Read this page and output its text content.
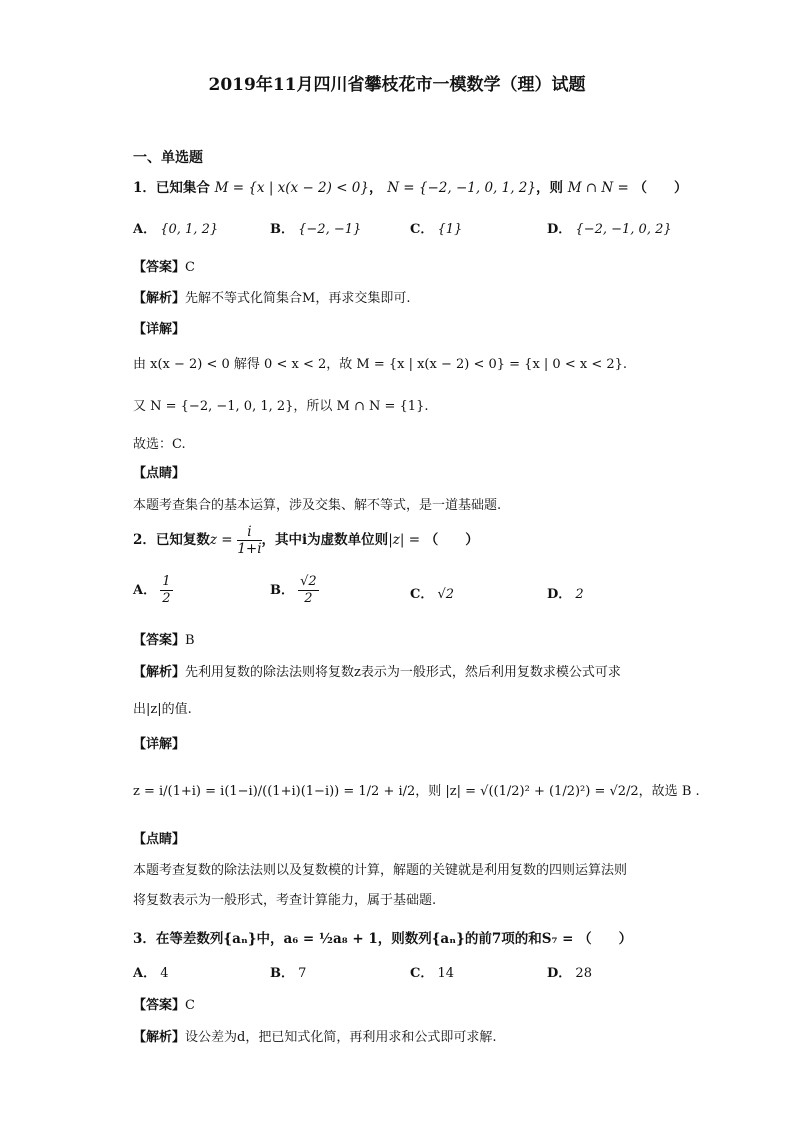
2019年11月四川省攀枝花市一模数学（理）试题
一、单选题
1．已知集合 M = {x | x(x − 2) < 0}， N = {−2, −1, 0, 1, 2}，则 M ∩ N = （　　）
A． {0, 1, 2}	B． {−2, −1}	C． {1}	D． {−2, −1, 0, 2}
【答案】C
【解析】先解不等式化简集合M，再求交集即可.
【详解】
由 x(x − 2) < 0 解得 0 < x < 2，故 M = {x | x(x − 2) < 0} = {x | 0 < x < 2}.
又 N = {−2, −1, 0, 1, 2}，所以 M ∩ N = {1}.
故选：C.
【点睛】
本题考查集合的基本运算，涉及交集、解不等式，是一道基础题.
2．已知复数$z = \frac{i}{1+i}$ ，其中i为虚数单位则|z| = （　　）
A． $\frac{1}{2}$	B． $\frac{√2}{2}$	C． √2	D． 2
【答案】B
【解析】先利用复数的除法法则将复数z表示为一般形式，然后利用复数求模公式可求
出|z|的值.
【详解】
z = i/(1+i) = i(1−i)/((1+i)(1−i)) = 1/2 + i/2，则 |z| = √((1/2)² + (1/2)²) = √2/2，故选 B .
【点睛】
本题考查复数的除法法则以及复数模的计算，解题的关键就是利用复数的四则运算法则
将复数表示为一般形式，考查计算能力，属于基础题.
3．在等差数列{aₙ}中，a₆ = ½a₈ + 1，则数列{aₙ}的前7项的和S₇ = （　　）
A． 4	B． 7	C． 14	D． 28
【答案】C
【解析】设公差为d，把已知式化简，再利用求和公式即可求解.
